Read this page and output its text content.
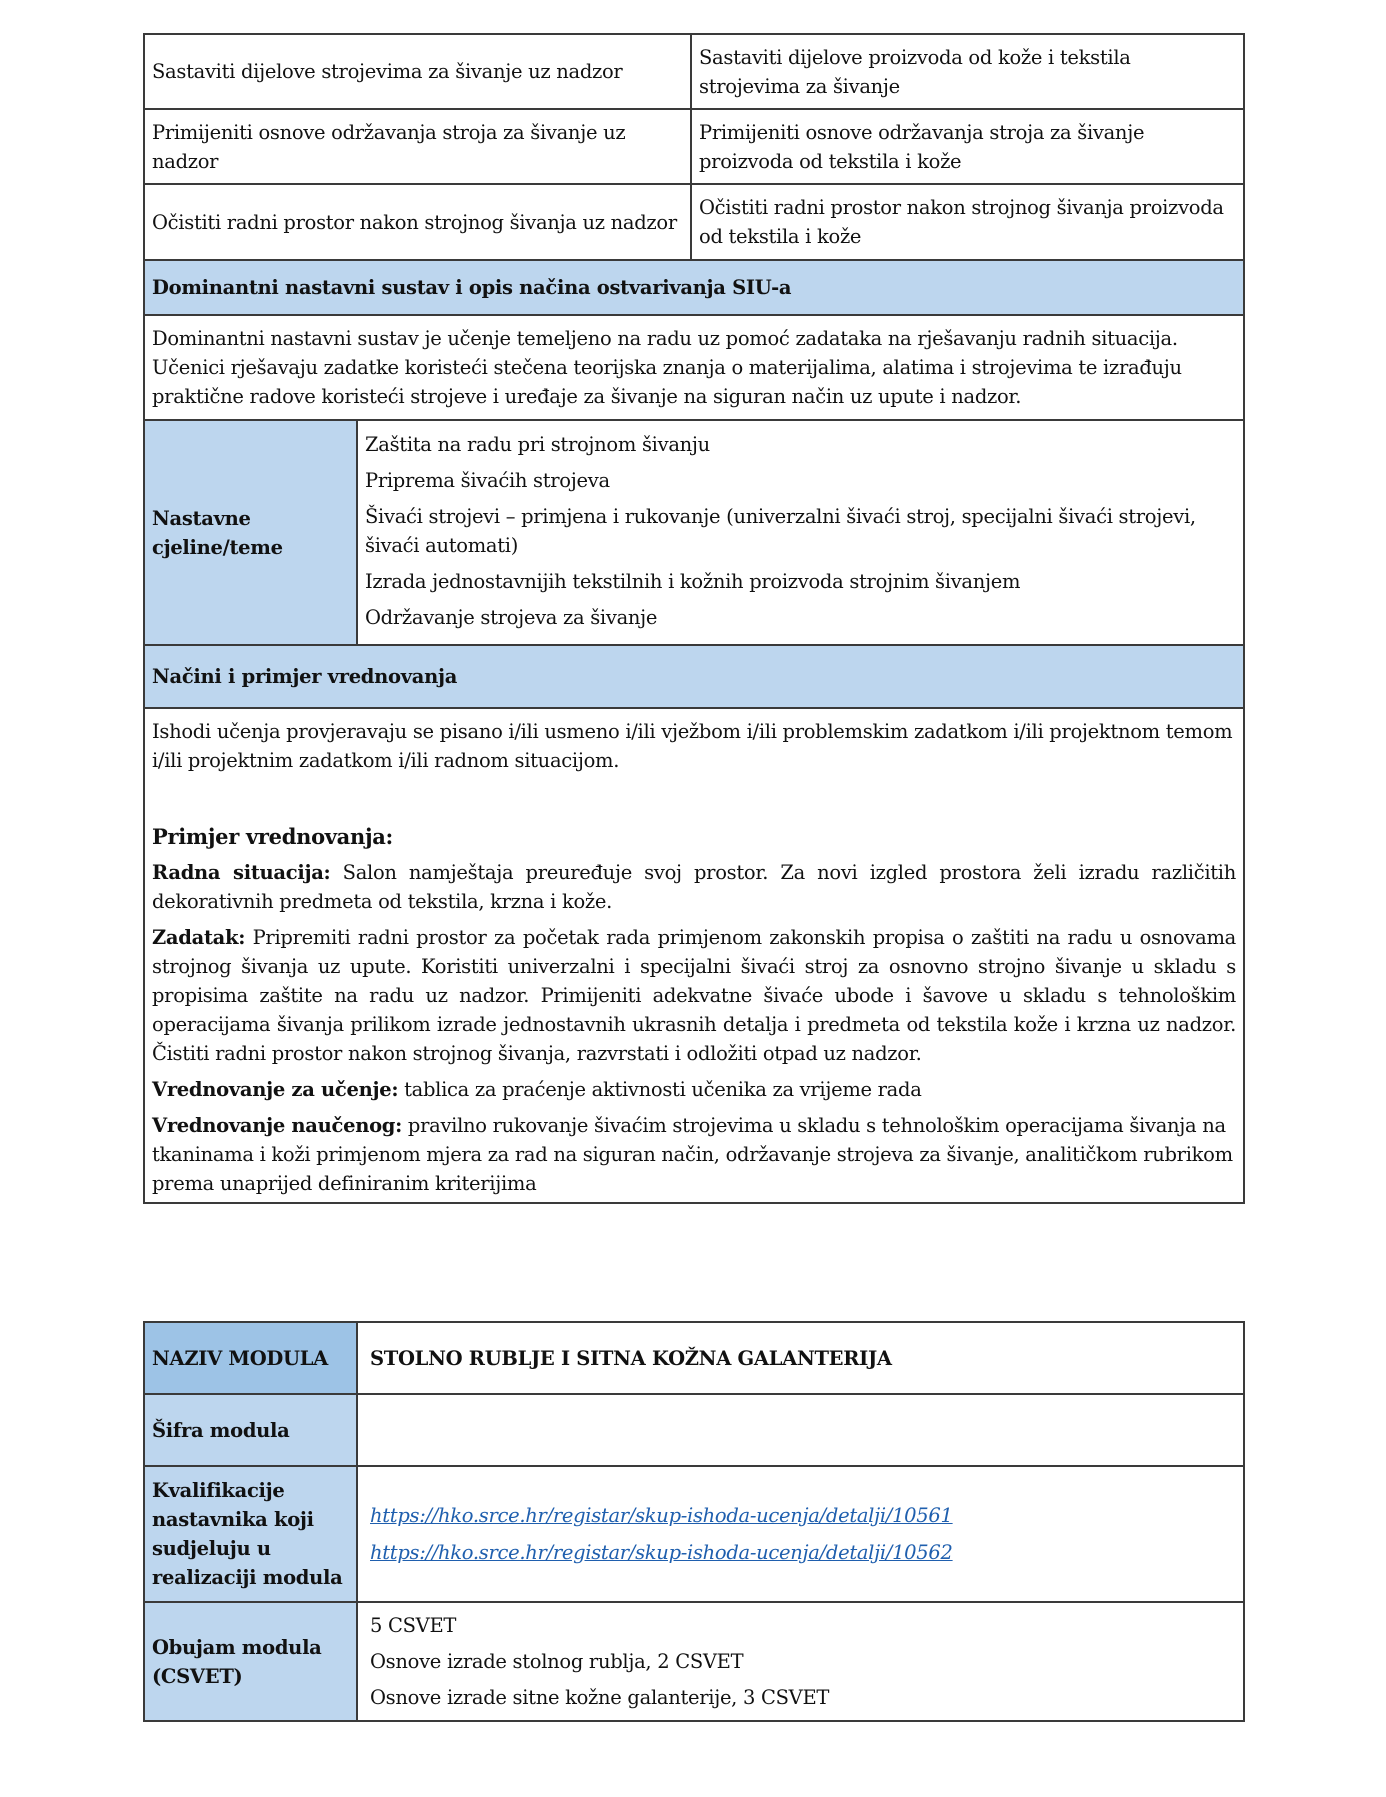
Sastaviti dijelove strojevima za šivanje uz nadzor		Sastaviti dijelove proizvoda od kože i tekstila strojevima za šivanje
Primijeniti osnove održavanja stroja za šivanje uz nadzor		Primijeniti osnove održavanja stroja za šivanje proizvoda od tekstila i kože
Očistiti radni prostor nakon strojnog šivanja uz nadzor		Očistiti radni prostor nakon strojnog šivanja proizvoda od tekstila i kože
Dominantni nastavni sustav i opis načina ostvarivanja SIU-a		
Dominantni nastavni sustav je učenje temeljeno na radu uz pomoć zadataka na rješavanju radnih situacija. Učenici rješavaju zadatke koristeći stečena teorijska znanja o materijalima, alatima i strojevima te izrađuju praktične radove koristeći strojeve i uređaje za šivanje na siguran način uz upute i nadzor.		
Nastavne cjeline/teme	Zaštita na radu pri strojnom šivanju
Priprema šivaćih strojeva
Šivaći strojevi – primjena i rukovanje (univerzalni šivaći stroj, specijalni šivaći strojevi, šivaći automati)
Izrada jednostavnijih tekstilnih i kožnih proizvoda strojnim šivanjem
Održavanje strojeva za šivanje	

Načini i primjer vrednovanja		

Ishodi učenja provjeravaju se pisano i/ili usmeno i/ili vježbom i/ili problemskim zadatkom i/ili projektnom temom i/ili projektnim zadatkom i/ili radnom situacijom.

Primjer vrednovanja:

Radna situacija: Salon namještaja preuređuje svoj prostor. Za novi izgled prostora želi izradu različitih dekorativnih predmeta od tekstila, krzna i kože.

Zadatak: Pripremiti radni prostor za početak rada primjenom zakonskih propisa o zaštiti na radu u osnovama strojnog šivanja uz upute. Koristiti univerzalni i specijalni šivaći stroj za osnovno strojno šivanje u skladu s propisima zaštite na radu uz nadzor. Primijeniti adekvatne šivaće ubode i šavove u skladu s tehnološkim operacijama šivanja prilikom izrade jednostavnih ukrasnih detalja i predmeta od tekstila kože i krzna uz nadzor. Čistiti radni prostor nakon strojnog šivanja, razvrstati i odložiti otpad uz nadzor.

Vrednovanje za učenje: tablica za praćenje aktivnosti učenika za vrijeme rada

Vrednovanje naučenog: pravilno rukovanje šivaćim strojevima u skladu s tehnološkim operacijama šivanja na tkaninama i koži primjenom mjera za rad na siguran način, održavanje strojeva za šivanje, analitičkom rubrikom prema unaprijed definiranim kriterijima

NAZIV MODULA	STOLNO RUBLJE I SITNA KOŽNA GALANTERIJA
Šifra modula	
Kvalifikacije nastavnika koji sudjeluju u realizaciji modula	https://hko.srce.hr/registar/skup-ishoda-ucenja/detalji/10561
https://hko.srce.hr/registar/skup-ishoda-ucenja/detalji/10562

Obujam modula (CSVET)	5 CSVET
Osnove izrade stolnog rublja, 2 CSVET
Osnove izrade sitne kožne galanterije, 3 CSVET
